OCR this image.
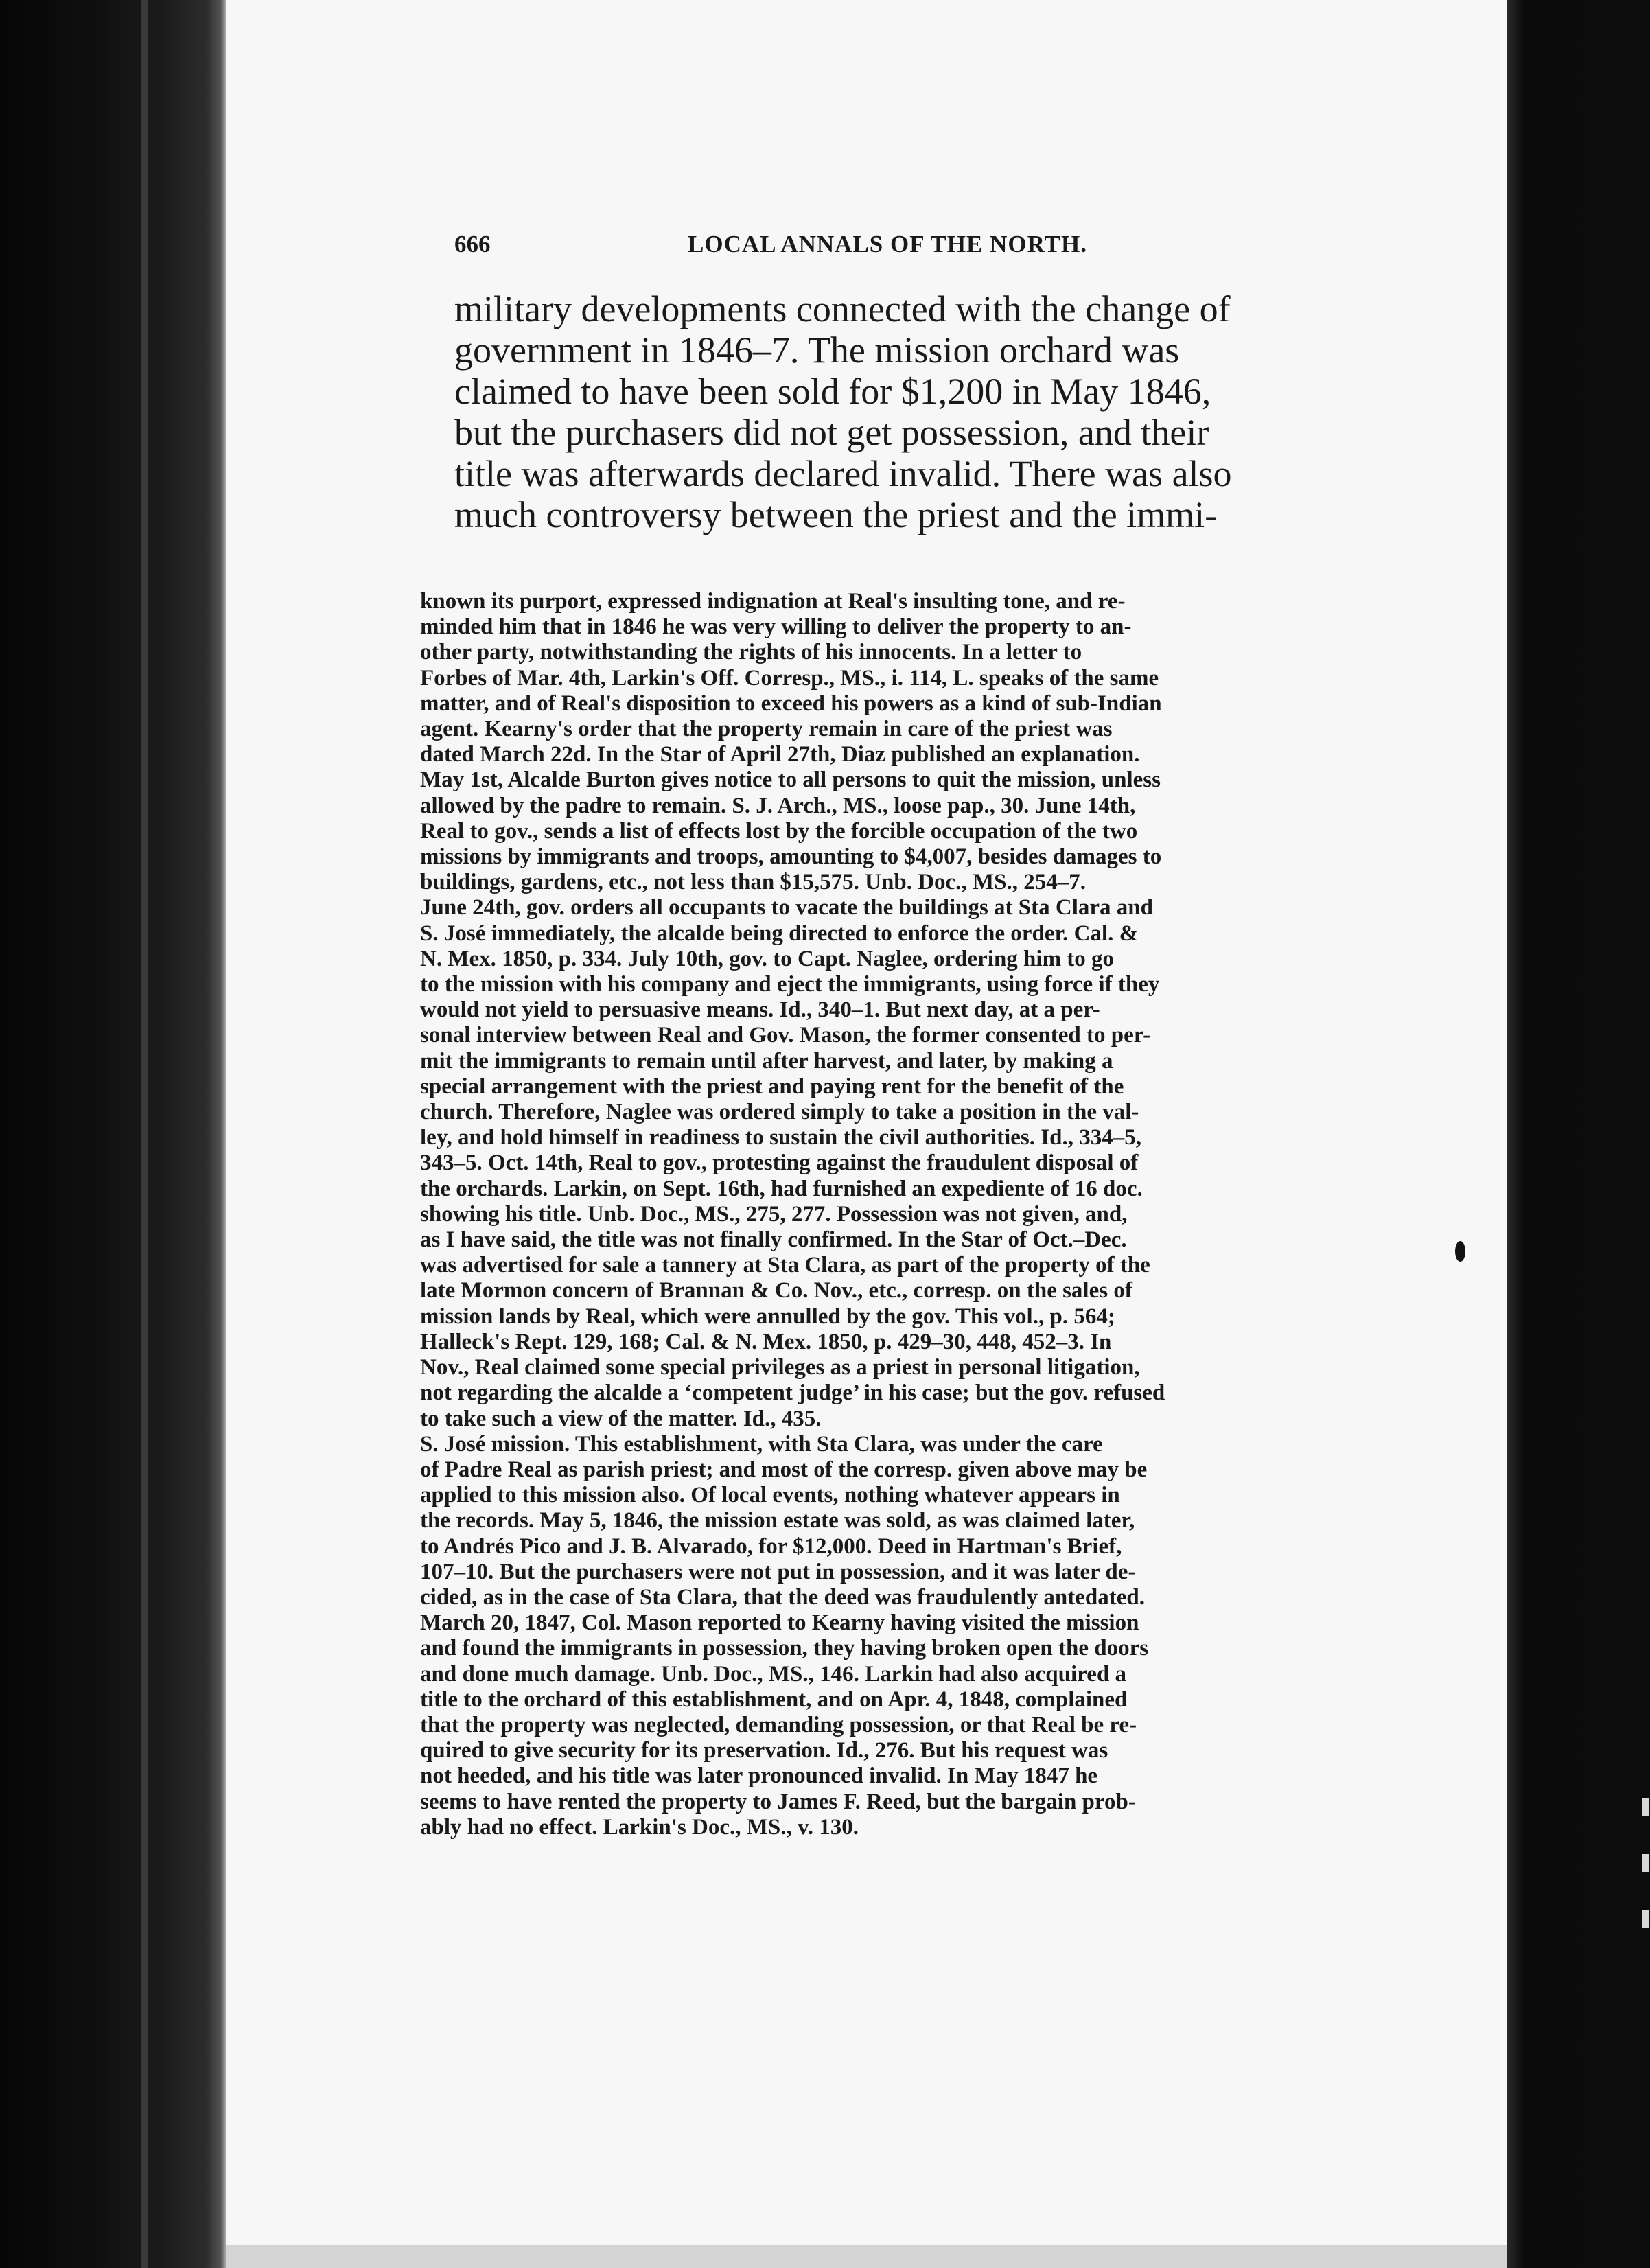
666	LOCAL ANNALS OF THE NORTH.
military developments connected with the change of
government in 1846–7. The mission orchard was
claimed to have been sold for $1,200 in May 1846,
but the purchasers did not get possession, and their
title was afterwards declared invalid. There was also
much controversy between the priest and the immi-
known its purport, expressed indignation at Real's insulting tone, and re-
minded him that in 1846 he was very willing to deliver the property to an-
other party, notwithstanding the rights of his innocents. In a letter to
Forbes of Mar. 4th, Larkin's Off. Corresp., MS., i. 114, L. speaks of the same
matter, and of Real's disposition to exceed his powers as a kind of sub-Indian
agent. Kearny's order that the property remain in care of the priest was
dated March 22d. In the Star of April 27th, Diaz published an explanation.
May 1st, Alcalde Burton gives notice to all persons to quit the mission, unless
allowed by the padre to remain. S. J. Arch., MS., loose pap., 30. June 14th,
Real to gov., sends a list of effects lost by the forcible occupation of the two
missions by immigrants and troops, amounting to $4,007, besides damages to
buildings, gardens, etc., not less than $15,575. Unb. Doc., MS., 254–7.
June 24th, gov. orders all occupants to vacate the buildings at Sta Clara and
S. José immediately, the alcalde being directed to enforce the order. Cal. &
N. Mex. 1850, p. 334. July 10th, gov. to Capt. Naglee, ordering him to go
to the mission with his company and eject the immigrants, using force if they
would not yield to persuasive means. Id., 340–1. But next day, at a per-
sonal interview between Real and Gov. Mason, the former consented to per-
mit the immigrants to remain until after harvest, and later, by making a
special arrangement with the priest and paying rent for the benefit of the
church. Therefore, Naglee was ordered simply to take a position in the val-
ley, and hold himself in readiness to sustain the civil authorities. Id., 334–5,
343–5. Oct. 14th, Real to gov., protesting against the fraudulent disposal of
the orchards. Larkin, on Sept. 16th, had furnished an expediente of 16 doc.
showing his title. Unb. Doc., MS., 275, 277. Possession was not given, and,
as I have said, the title was not finally confirmed. In the Star of Oct.–Dec.
was advertised for sale a tannery at Sta Clara, as part of the property of the
late Mormon concern of Brannan & Co. Nov., etc., corresp. on the sales of
mission lands by Real, which were annulled by the gov. This vol., p. 564;
Halleck's Rept. 129, 168; Cal. & N. Mex. 1850, p. 429–30, 448, 452–3. In
Nov., Real claimed some special privileges as a priest in personal litigation,
not regarding the alcalde a ‘competent judge’ in his case; but the gov. refused
to take such a view of the matter. Id., 435.
S. José mission. This establishment, with Sta Clara, was under the care
of Padre Real as parish priest; and most of the corresp. given above may be
applied to this mission also. Of local events, nothing whatever appears in
the records. May 5, 1846, the mission estate was sold, as was claimed later,
to Andrés Pico and J. B. Alvarado, for $12,000. Deed in Hartman's Brief,
107–10. But the purchasers were not put in possession, and it was later de-
cided, as in the case of Sta Clara, that the deed was fraudulently antedated.
March 20, 1847, Col. Mason reported to Kearny having visited the mission
and found the immigrants in possession, they having broken open the doors
and done much damage. Unb. Doc., MS., 146. Larkin had also acquired a
title to the orchard of this establishment, and on Apr. 4, 1848, complained
that the property was neglected, demanding possession, or that Real be re-
quired to give security for its preservation. Id., 276. But his request was
not heeded, and his title was later pronounced invalid. In May 1847 he
seems to have rented the property to James F. Reed, but the bargain prob-
ably had no effect. Larkin's Doc., MS., v. 130.
